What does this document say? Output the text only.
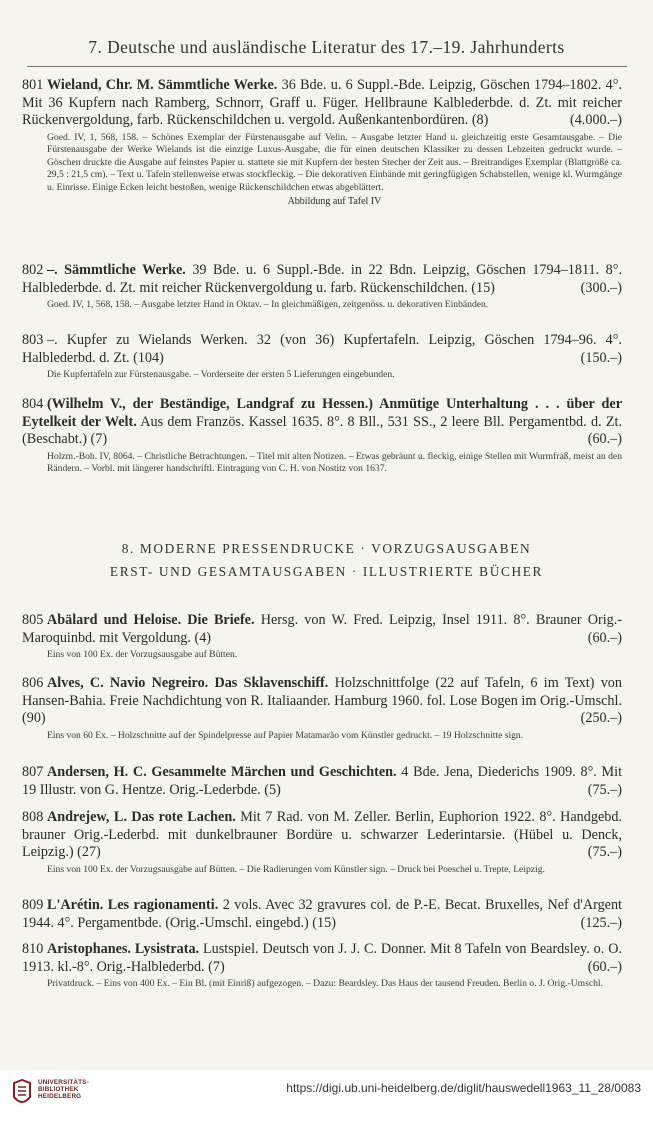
7. Deutsche und ausländische Literatur des 17.–19. Jahrhunderts
801 Wieland, Chr. M. Sämmtliche Werke. 36 Bde. u. 6 Suppl.-Bde. Leipzig, Göschen 1794–1802. 4°. Mit 36 Kupfern nach Ramberg, Schnorr, Graff u. Füger. Hellbraune Kalblederbde. d. Zt. mit reicher Rückenvergoldung, farb. Rückenschildchen u. vergold. Außenkantenbordüren. (8)	(4.000.–)
Goed. IV, 1, 568, 158. – Schönes Exemplar der Fürstenausgabe auf Velin. – Ausgabe letzter Hand u. gleichzeitig erste Gesamtausgabe. – Die Fürstenausgabe der Werke Wielands ist die einzige Luxus-Ausgabe, die für einen deutschen Klassiker zu dessen Lebzeiten gedruckt wurde. – Göschen druckte die Ausgabe auf feinstes Papier u. stattete sie mit Kupfern der besten Stecher der Zeit aus. – Breitrandiges Exemplar (Blattgröße ca. 29,5 : 21,5 cm). – Text u. Tafeln stellenweise etwas stockfleckig. – Die dekorativen Einbände mit geringfügigen Schabstellen, wenige kl. Wurmgänge u. Einrisse. Einige Ecken leicht bestoßen, wenige Rückenschildchen etwas abgeblättert.
Abbildung auf Tafel IV
802 –. Sämmtliche Werke. 39 Bde. u. 6 Suppl.-Bde. in 22 Bdn. Leipzig, Göschen 1794–1811. 8°. Halblederbde. d. Zt. mit reicher Rückenvergoldung u. farb. Rückenschildchen. (15)	(300.–)
Goed. IV, 1, 568, 158. – Ausgabe letzter Hand in Oktav. – In gleichmäßigen, zeitgenöss. u. dekorativen Einbänden.
803 –. Kupfer zu Wielands Werken. 32 (von 36) Kupfertafeln. Leipzig, Göschen 1794–96. 4°. Halblederbd. d. Zt. (104)	(150.–)
Die Kupfertafeln zur Fürstenausgabe. – Vorderseite der ersten 5 Lieferungen eingebunden.
804 (Wilhelm V., der Beständige, Landgraf zu Hessen.) Anmütige Unterhaltung . . . über der Eytelkeit der Welt. Aus dem Französ. Kassel 1635. 8°. 8 Bll., 531 SS., 2 leere Bll. Pergamentbd. d. Zt. (Beschabt.) (7)	(60.–)
Holzm.-Boh. IV, 8064. – Christliche Betrachtungen. – Titel mit alten Notizen. – Etwas gebräunt u. fleckig, einige Stellen mit Wurmfraß, meist an den Rändern. – Vorbl. mit längerer handschriftl. Eintragung von C. H. von Nostitz von 1637.
8. MODERNE PRESSENDRUCKE · VORZUGSAUSGABEN
ERST- UND GESAMTAUSGABEN · ILLUSTRIERTE BÜCHER
805 Abälard und Heloise. Die Briefe. Hersg. von W. Fred. Leipzig, Insel 1911. 8°. Brauner Orig.-Maroquinbd. mit Vergoldung. (4)	(60.–)
Eins von 100 Ex. der Vorzugsausgabe auf Bütten.
806 Alves, C. Navio Negreiro. Das Sklavenschiff. Holzschnittfolge (22 auf Tafeln, 6 im Text) von Hansen-Bahia. Freie Nachdichtung von R. Italiaander. Hamburg 1960. fol. Lose Bogen im Orig.-Umschl. (90)	(250.–)
Eins von 60 Ex. – Holzschnitte auf der Spindelpresse auf Papier Matamarão vom Künstler gedruckt. – 19 Holzschnitte sign.
807 Andersen, H. C. Gesammelte Märchen und Geschichten. 4 Bde. Jena, Diederichs 1909. 8°. Mit 19 Illustr. von G. Hentze. Orig.-Lederbde. (5)	(75.–)
808 Andrejew, L. Das rote Lachen. Mit 7 Rad. von M. Zeller. Berlin, Euphorion 1922. 8°. Handgebd. brauner Orig.-Lederbd. mit dunkelbrauner Bordüre u. schwarzer Lederintarsie. (Hübel u. Denck, Leipzig.) (27)	(75.–)
Eins von 100 Ex. der Vorzugsausgabe auf Bütten. – Die Radierungen vom Künstler sign. – Druck bei Poeschel u. Trepte, Leipzig.
809 L'Arétin. Les ragionamenti. 2 vols. Avec 32 gravures col. de P.-E. Becat. Bruxelles, Nef d'Argent 1944. 4°. Pergamentbde. (Orig.-Umschl. eingebd.) (15)	(125.–)
810 Aristophanes. Lysistrata. Lustspiel. Deutsch von J. J. C. Donner. Mit 8 Tafeln von Beardsley. o. O. 1913. kl.-8°. Orig.-Halblederbd. (7)	(60.–)
Privatdruck. – Eins von 400 Ex. – Ein Bl. (mit Einriß) aufgezogen. – Dazu: Beardsley. Das Haus der tausend Freuden. Berlin o. J. Orig.-Umschl.
UNIVERSITÄTS-
BIBLIOTHEK
HEIDELBERG
https://digi.ub.uni-heidelberg.de/diglit/hauswedell1963_11_28/0083
